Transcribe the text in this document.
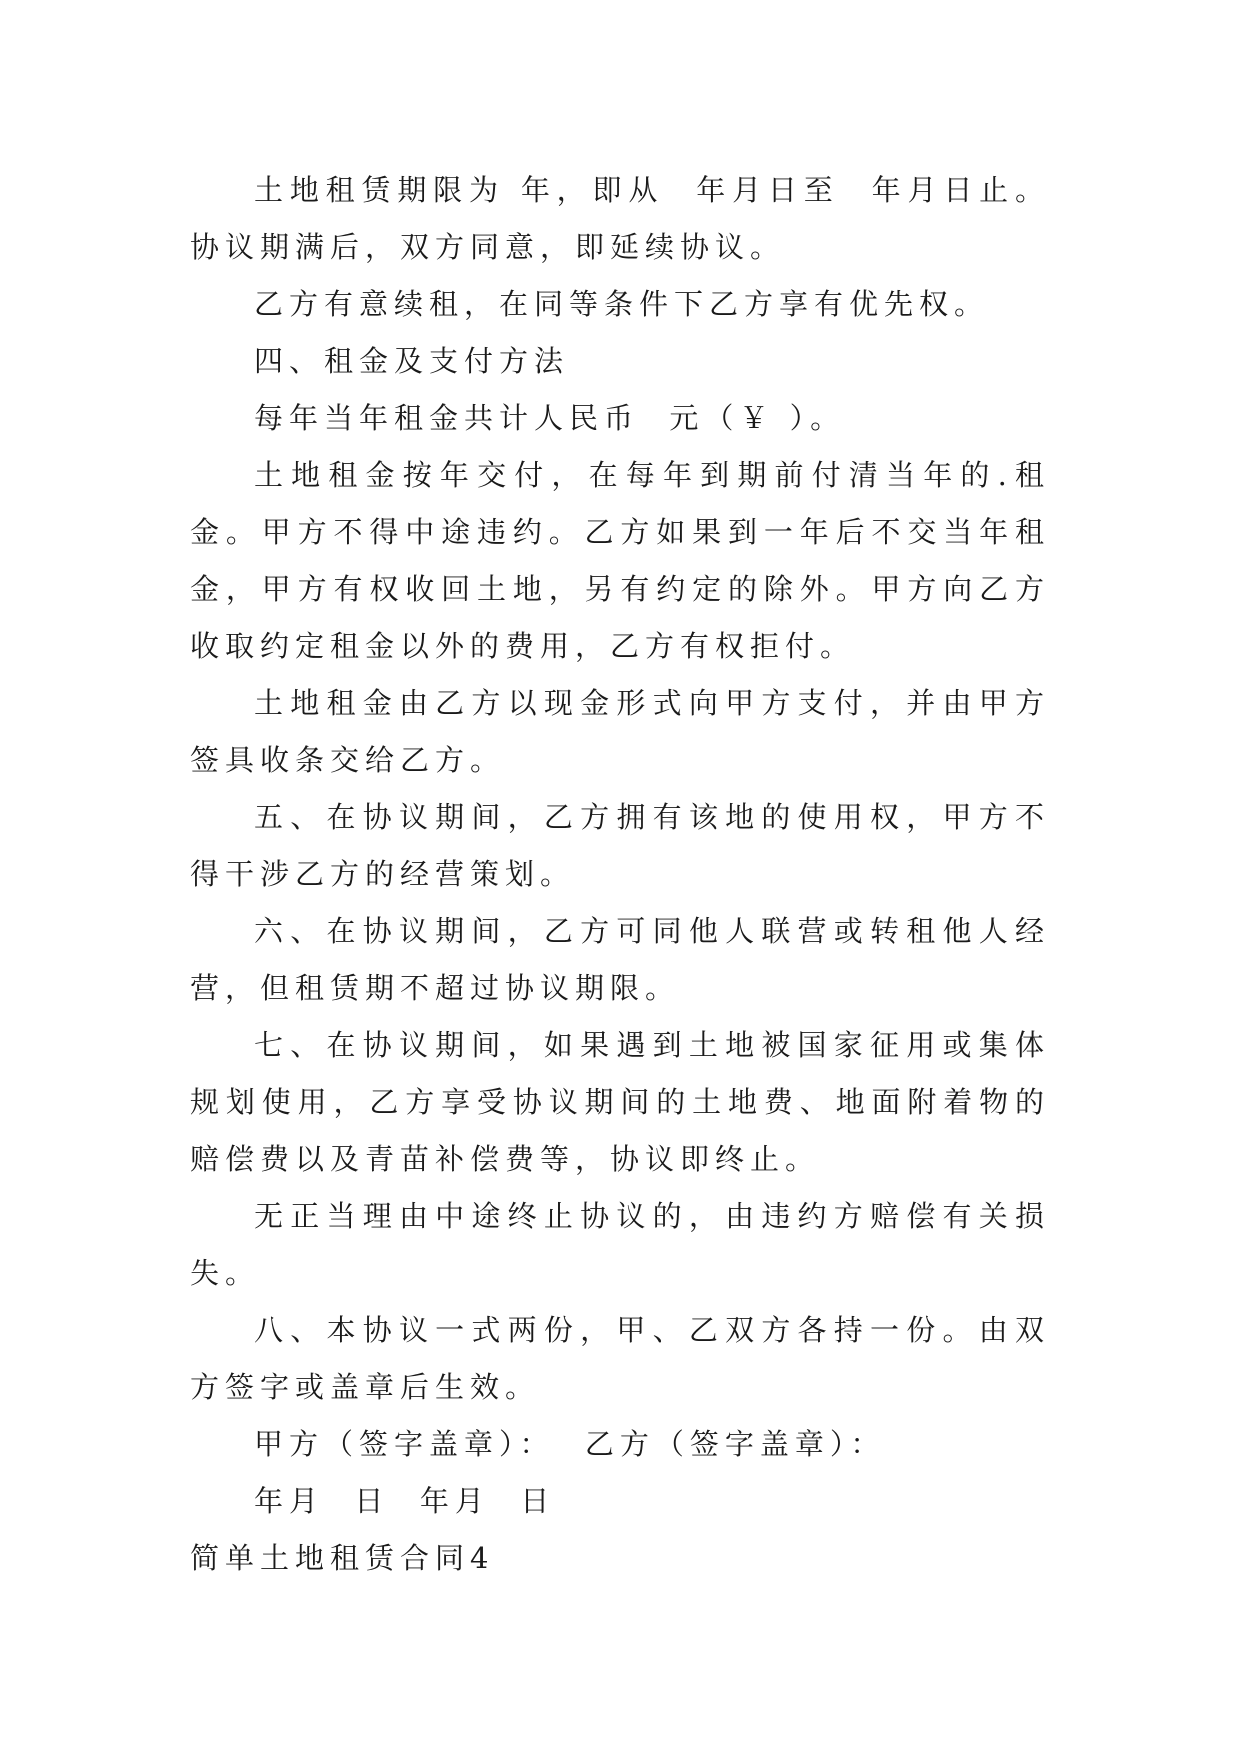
土地租赁期限为 年，即从  年月日至  年月日止。 协议期满后，双方同意，即延续协议。

乙方有意续租，在同等条件下乙方享有优先权。

四、租金及支付方法

每年当年租金共计人民币  元（￥ ）。

土地租金按年交付，在每年到期前付清当年的.租金。甲方不得中途违约。乙方如果到一年后不交当年租金，甲方有权收回土地，另有约定的除外。甲方向乙方收取约定租金以外的费用，乙方有权拒付。

土地租金由乙方以现金形式向甲方支付，并由甲方签具收条交给乙方。

五、在协议期间，乙方拥有该地的使用权，甲方不得干涉乙方的经营策划。

六、在协议期间，乙方可同他人联营或转租他人经营，但租赁期不超过协议期限。

七、在协议期间，如果遇到土地被国家征用或集体规划使用，乙方享受协议期间的土地费、地面附着物的赔偿费以及青苗补偿费等，协议即终止。

无正当理由中途终止协议的，由违约方赔偿有关损失。

八、本协议一式两份，甲、乙双方各持一份。由双方签字或盖章后生效。

甲方（签字盖章）：  乙方（签字盖章）：

年月  日  年月  日

简单土地租赁合同4
